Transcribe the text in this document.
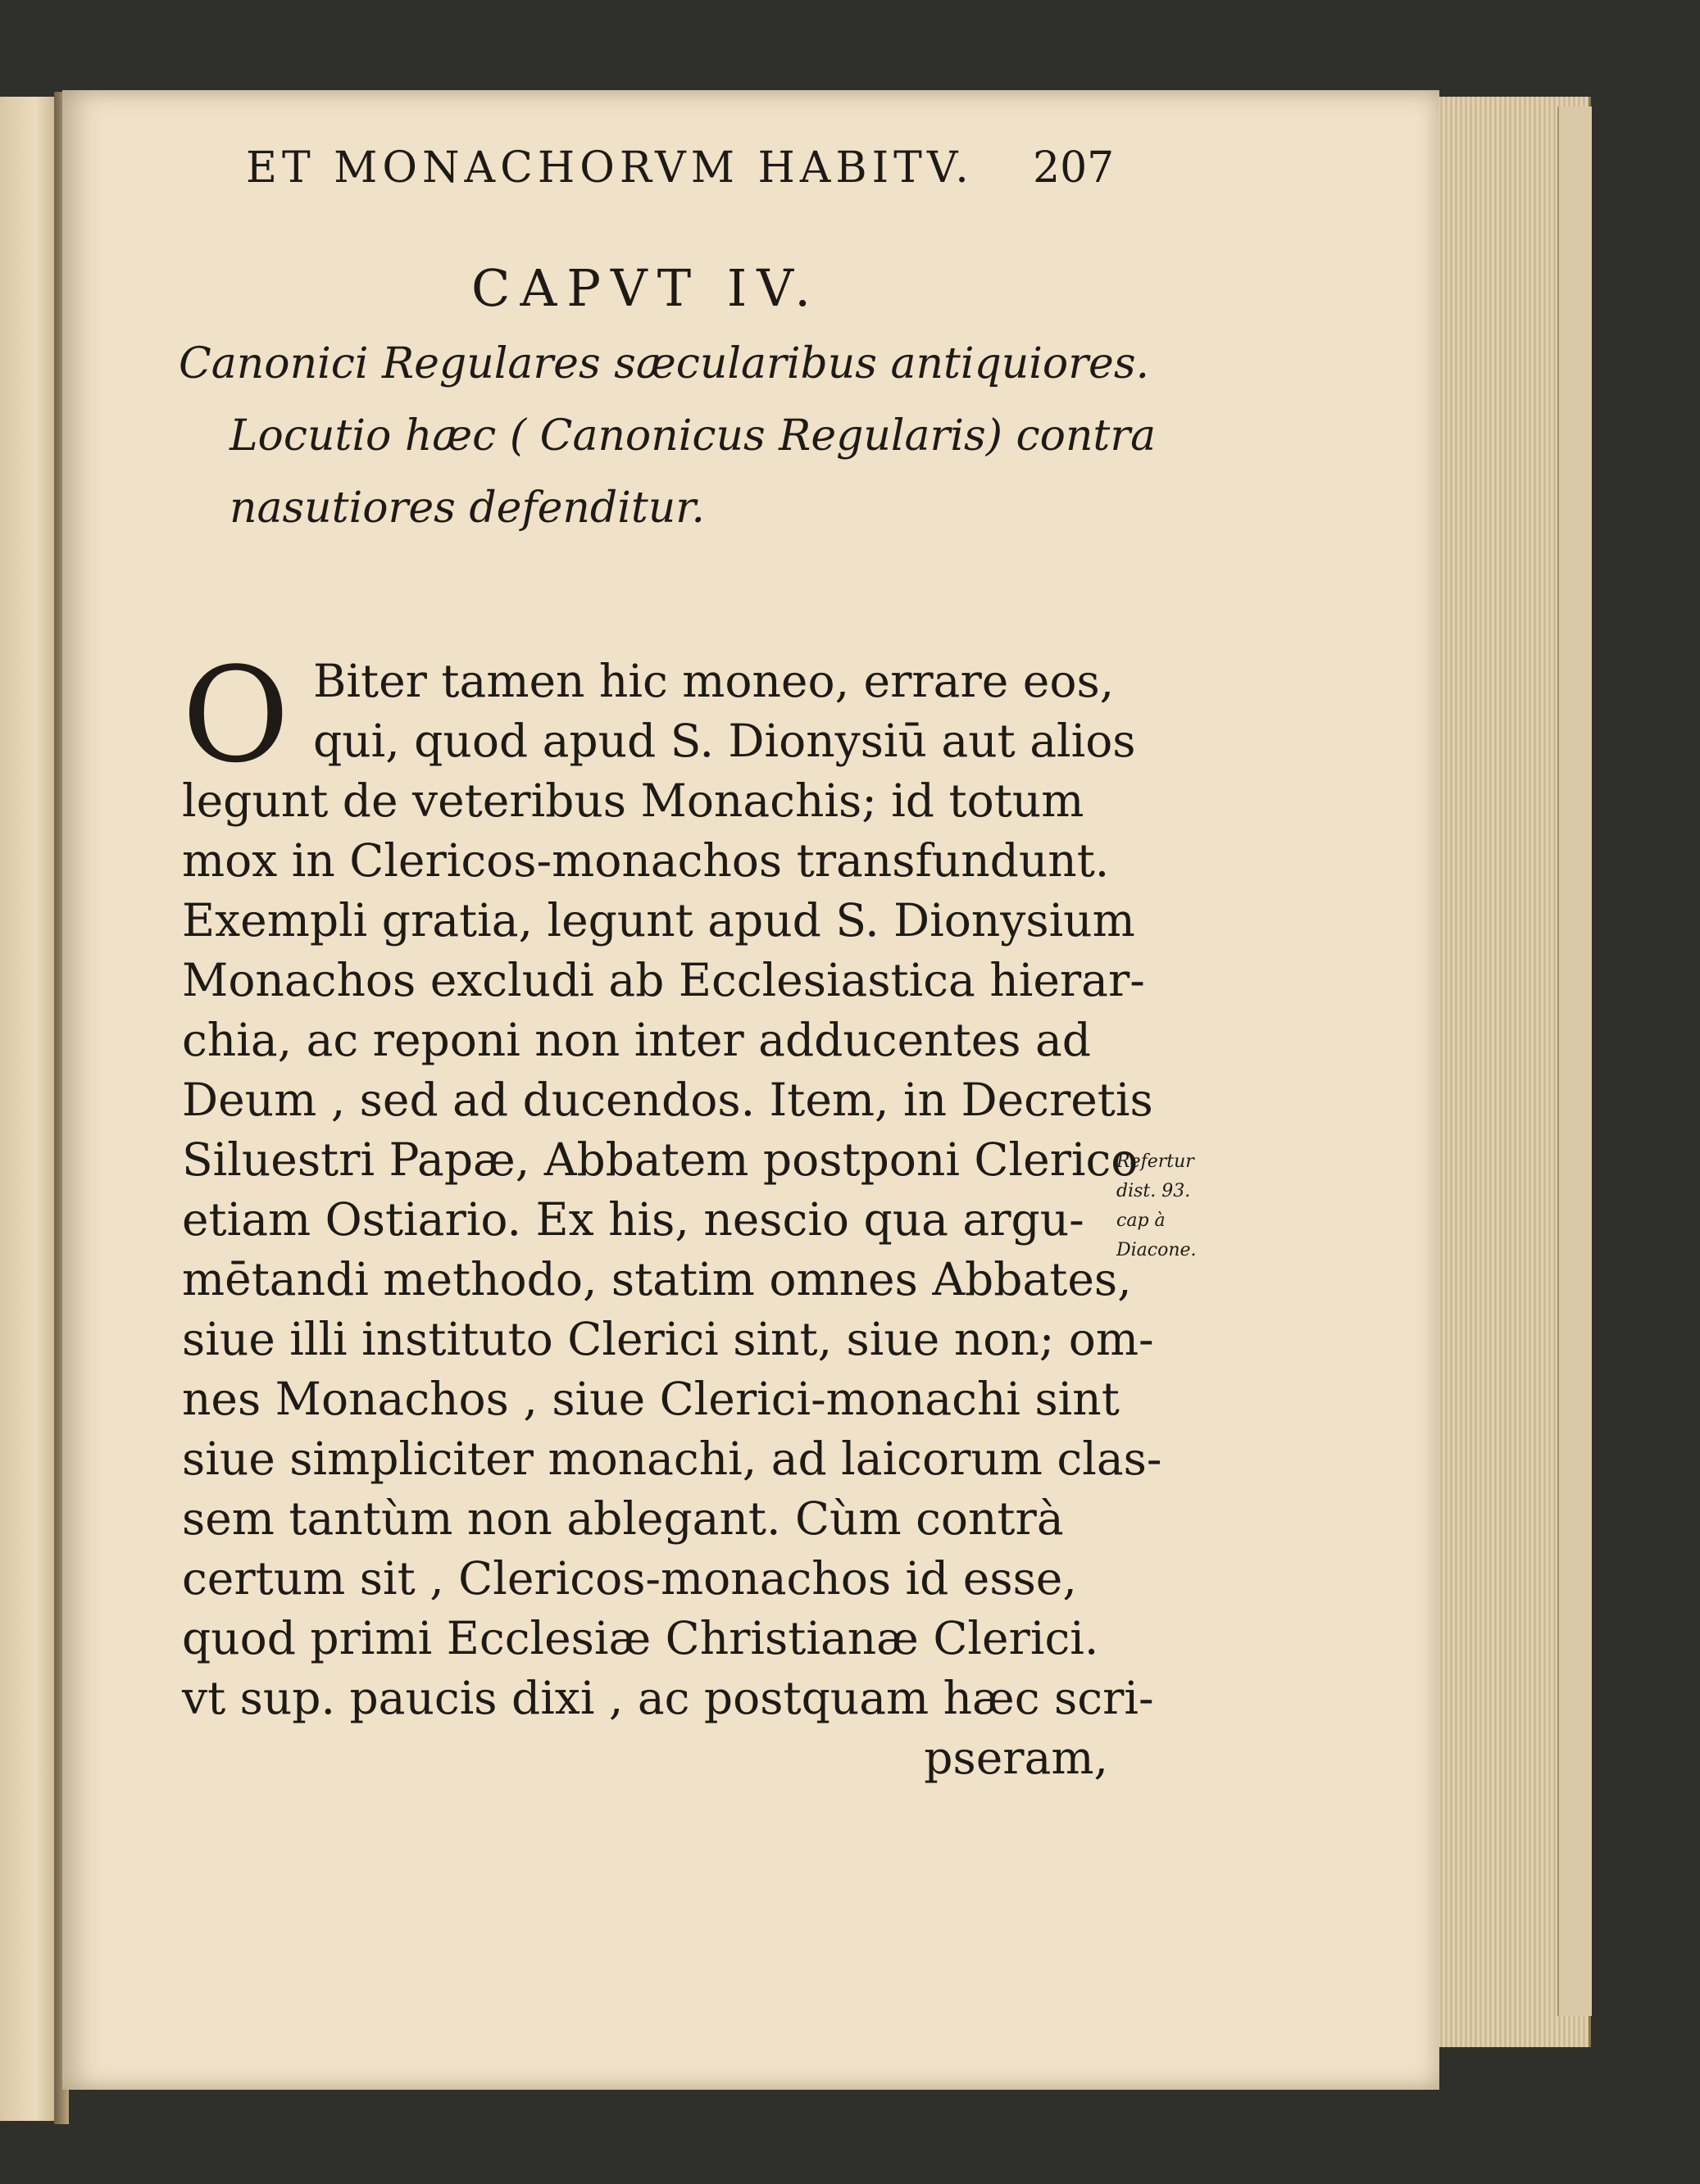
ET MONACHORVM HABITV. 207
CAPVT IV.
Canonici Regulares sæcularibus antiquiores.
Locutio hæc ( Canonicus Regularis) contra
nasutiores defenditur.
O Biter tamen hic moneo, errare eos,
qui, quod apud S. Dionysiū aut alios
legunt de veteribus Monachis; id totum
mox in Clericos-monachos transfundunt.
Exempli gratia, legunt apud S. Dionysium
Monachos excludi ab Ecclesiastica hierar-
chia, ac reponi non inter adducentes ad
Deum , sed ad ducendos. Item, in Decretis
Siluestri Papæ, Abbatem postponi Clerico
etiam Ostiario. Ex his, nescio qua argu-
mētandi methodo, statim omnes Abbates,
siue illi instituto Clerici sint, siue non; om-
nes Monachos , siue Clerici-monachi sint
siue simpliciter monachi, ad laicorum clas-
sem tantùm non ablegant. Cùm contrà
certum sit , Clericos-monachos id esse,
quod primi Ecclesiæ Christianæ Clerici.
vt sup. paucis dixi , ac postquam hæc scri-
pseram,
Refertur
dist. 93.
cap à
Diacone.
